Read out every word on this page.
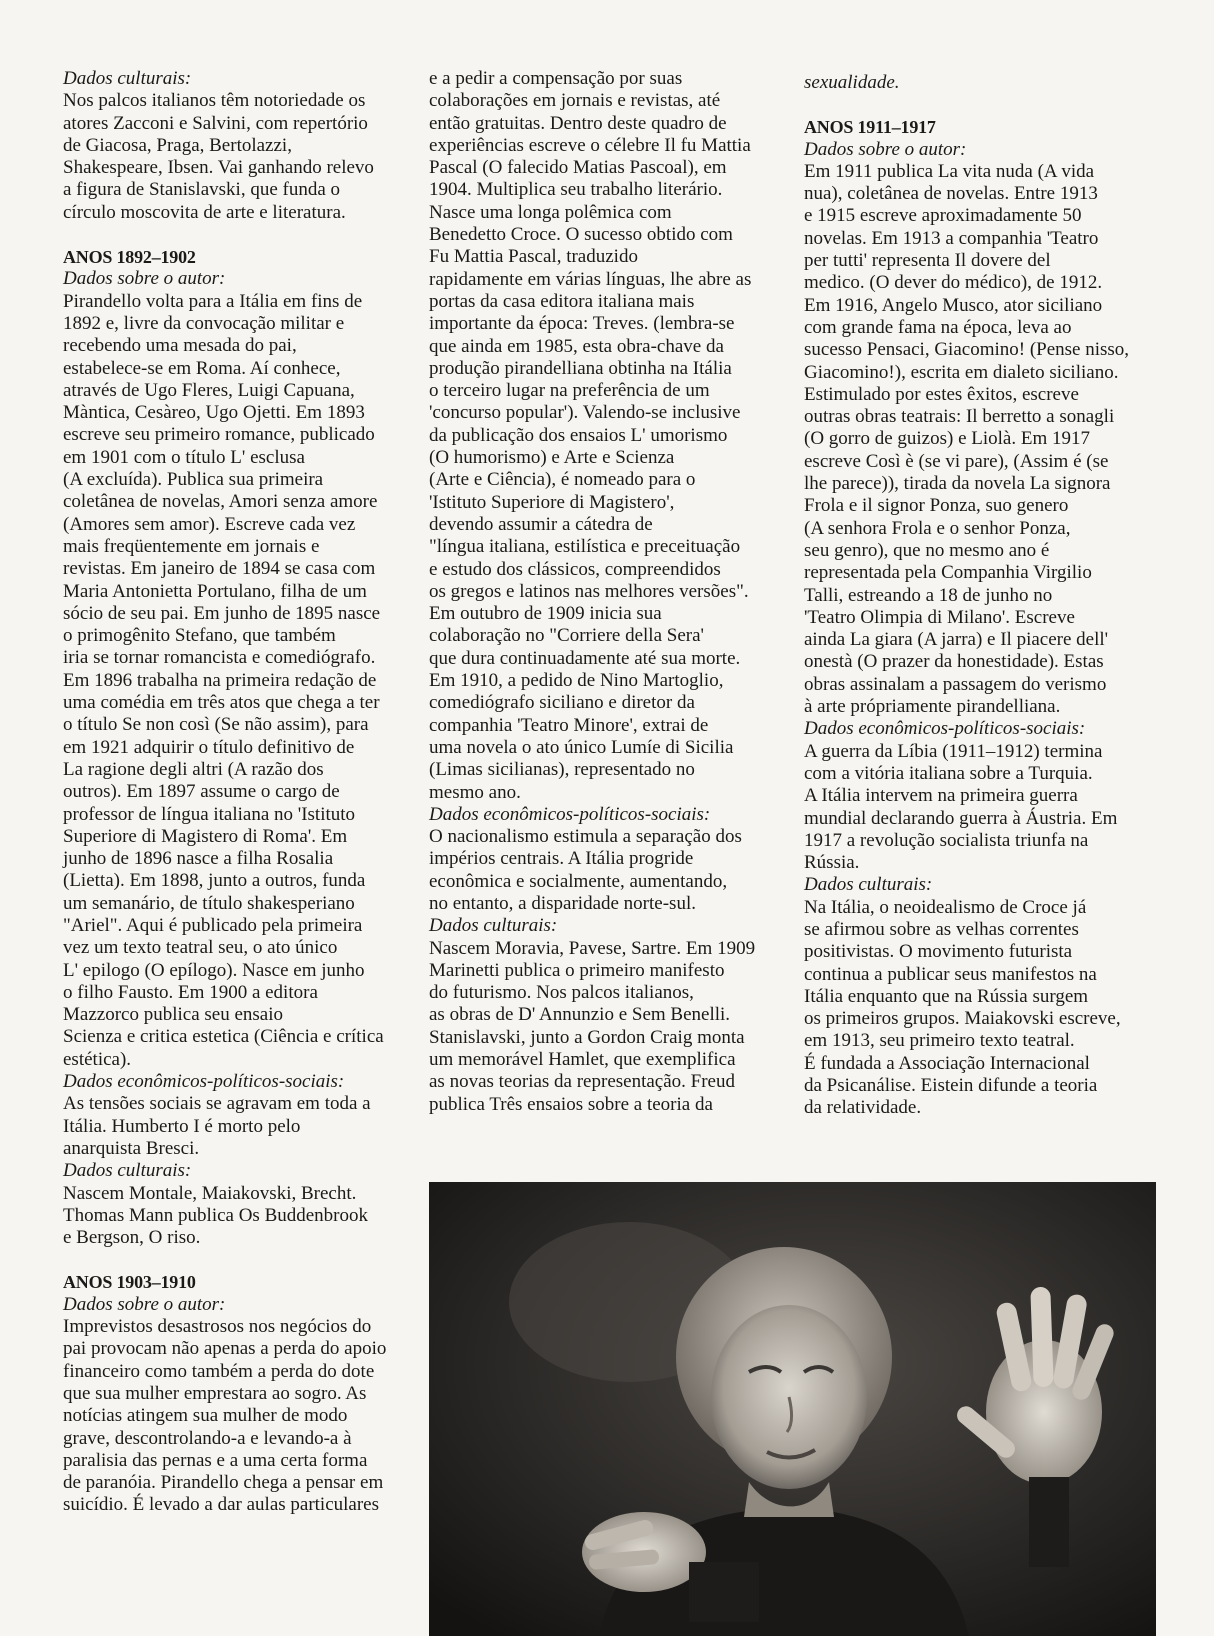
Dados culturais:
Nos palcos italianos têm notoriedade os
atores Zacconi e Salvini, com repertório
de Giacosa, Praga, Bertolazzi,
Shakespeare, Ibsen. Vai ganhando relevo
a figura de Stanislavski, que funda o
círculo moscovita de arte e literatura.
ANOS 1892–1902
Dados sobre o autor:
Pirandello volta para a Itália em fins de
1892 e, livre da convocação militar e
recebendo uma mesada do pai,
estabelece-se em Roma. Aí conhece,
através de Ugo Fleres, Luigi Capuana,
Màntica, Cesàreo, Ugo Ojetti. Em 1893
escreve seu primeiro romance, publicado
em 1901 com o título L' esclusa
(A excluída). Publica sua primeira
coletânea de novelas, Amori senza amore
(Amores sem amor). Escreve cada vez
mais freqüentemente em jornais e
revistas. Em janeiro de 1894 se casa com
Maria Antonietta Portulano, filha de um
sócio de seu pai. Em junho de 1895 nasce
o primogênito Stefano, que também
iria se tornar romancista e comediógrafo.
Em 1896 trabalha na primeira redação de
uma comédia em três atos que chega a ter
o título Se non così (Se não assim), para
em 1921 adquirir o título definitivo de
La ragione degli altri (A razão dos
outros). Em 1897 assume o cargo de
professor de língua italiana no 'Istituto
Superiore di Magistero di Roma'. Em
junho de 1896 nasce a filha Rosalia
(Lietta). Em 1898, junto a outros, funda
um semanário, de título shakesperiano
"Ariel". Aqui é publicado pela primeira
vez um texto teatral seu, o ato único
L' epilogo (O epílogo). Nasce em junho
o filho Fausto. Em 1900 a editora
Mazzorco publica seu ensaio
Scienza e critica estetica (Ciência e crítica
estética).
Dados econômicos-políticos-sociais:
As tensões sociais se agravam em toda a
Itália. Humberto I é morto pelo
anarquista Bresci.
Dados culturais:
Nascem Montale, Maiakovski, Brecht.
Thomas Mann publica Os Buddenbrook
e Bergson, O riso.
ANOS 1903–1910
Dados sobre o autor:
Imprevistos desastrosos nos negócios do
pai provocam não apenas a perda do apoio
financeiro como também a perda do dote
que sua mulher emprestara ao sogro. As
notícias atingem sua mulher de modo
grave, descontrolando-a e levando-a à
paralisia das pernas e a uma certa forma
de paranóia. Pirandello chega a pensar em
suicídio. É levado a dar aulas particulares
e a pedir a compensação por suas
colaborações em jornais e revistas, até
então gratuitas. Dentro deste quadro de
experiências escreve o célebre Il fu Mattia
Pascal (O falecido Matias Pascoal), em
1904. Multiplica seu trabalho literário.
Nasce uma longa polêmica com
Benedetto Croce. O sucesso obtido com
Fu Mattia Pascal, traduzido
rapidamente em várias línguas, lhe abre as
portas da casa editora italiana mais
importante da época: Treves. (lembra-se
que ainda em 1985, esta obra-chave da
produção pirandelliana obtinha na Itália
o terceiro lugar na preferência de um
'concurso popular'). Valendo-se inclusive
da publicação dos ensaios L' umorismo
(O humorismo) e Arte e Scienza
(Arte e Ciência), é nomeado para o
'Istituto Superiore di Magistero',
devendo assumir a cátedra de
"língua italiana, estilística e preceituação
e estudo dos clássicos, compreendidos
os gregos e latinos nas melhores versões".
Em outubro de 1909 inicia sua
colaboração no "Corriere della Sera'
que dura continuadamente até sua morte.
Em 1910, a pedido de Nino Martoglio,
comediógrafo siciliano e diretor da
companhia 'Teatro Minore', extrai de
uma novela o ato único Lumíe di Sicilia
(Limas sicilianas), representado no
mesmo ano.
Dados econômicos-políticos-sociais:
O nacionalismo estimula a separação dos
impérios centrais. A Itália progride
econômica e socialmente, aumentando,
no entanto, a disparidade norte-sul.
Dados culturais:
Nascem Moravia, Pavese, Sartre. Em 1909
Marinetti publica o primeiro manifesto
do futurismo. Nos palcos italianos,
as obras de D' Annunzio e Sem Benelli.
Stanislavski, junto a Gordon Craig monta
um memorável Hamlet, que exemplifica
as novas teorias da representação. Freud
publica Três ensaios sobre a teoria da
sexualidade.
ANOS 1911–1917
Dados sobre o autor:
Em 1911 publica La vita nuda (A vida
nua), coletânea de novelas. Entre 1913
e 1915 escreve aproximadamente 50
novelas. Em 1913 a companhia 'Teatro
per tutti' representa Il dovere del
medico. (O dever do médico), de 1912.
Em 1916, Angelo Musco, ator siciliano
com grande fama na época, leva ao
sucesso Pensaci, Giacomino! (Pense nisso,
Giacomino!), escrita em dialeto siciliano.
Estimulado por estes êxitos, escreve
outras obras teatrais: Il berretto a sonagli
(O gorro de guizos) e Liolà. Em 1917
escreve Così è (se vi pare), (Assim é (se
lhe parece)), tirada da novela La signora
Frola e il signor Ponza, suo genero
(A senhora Frola e o senhor Ponza,
seu genro), que no mesmo ano é
representada pela Companhia Virgilio
Talli, estreando a 18 de junho no
'Teatro Olimpia di Milano'. Escreve
ainda La giara (A jarra) e Il piacere dell'
onestà (O prazer da honestidade). Estas
obras assinalam a passagem do verismo
à arte própriamente pirandelliana.
Dados econômicos-políticos-sociais:
A guerra da Líbia (1911–1912) termina
com a vitória italiana sobre a Turquia.
A Itália intervem na primeira guerra
mundial declarando guerra à Áustria. Em
1917 a revolução socialista triunfa na
Rússia.
Dados culturais:
Na Itália, o neoidealismo de Croce já
se afirmou sobre as velhas correntes
positivistas. O movimento futurista
continua a publicar seus manifestos na
Itália enquanto que na Rússia surgem
os primeiros grupos. Maiakovski escreve,
em 1913, seu primeiro texto teatral.
É fundada a Associação Internacional
da Psicanálise. Eistein difunde a teoria
da relatividade.
